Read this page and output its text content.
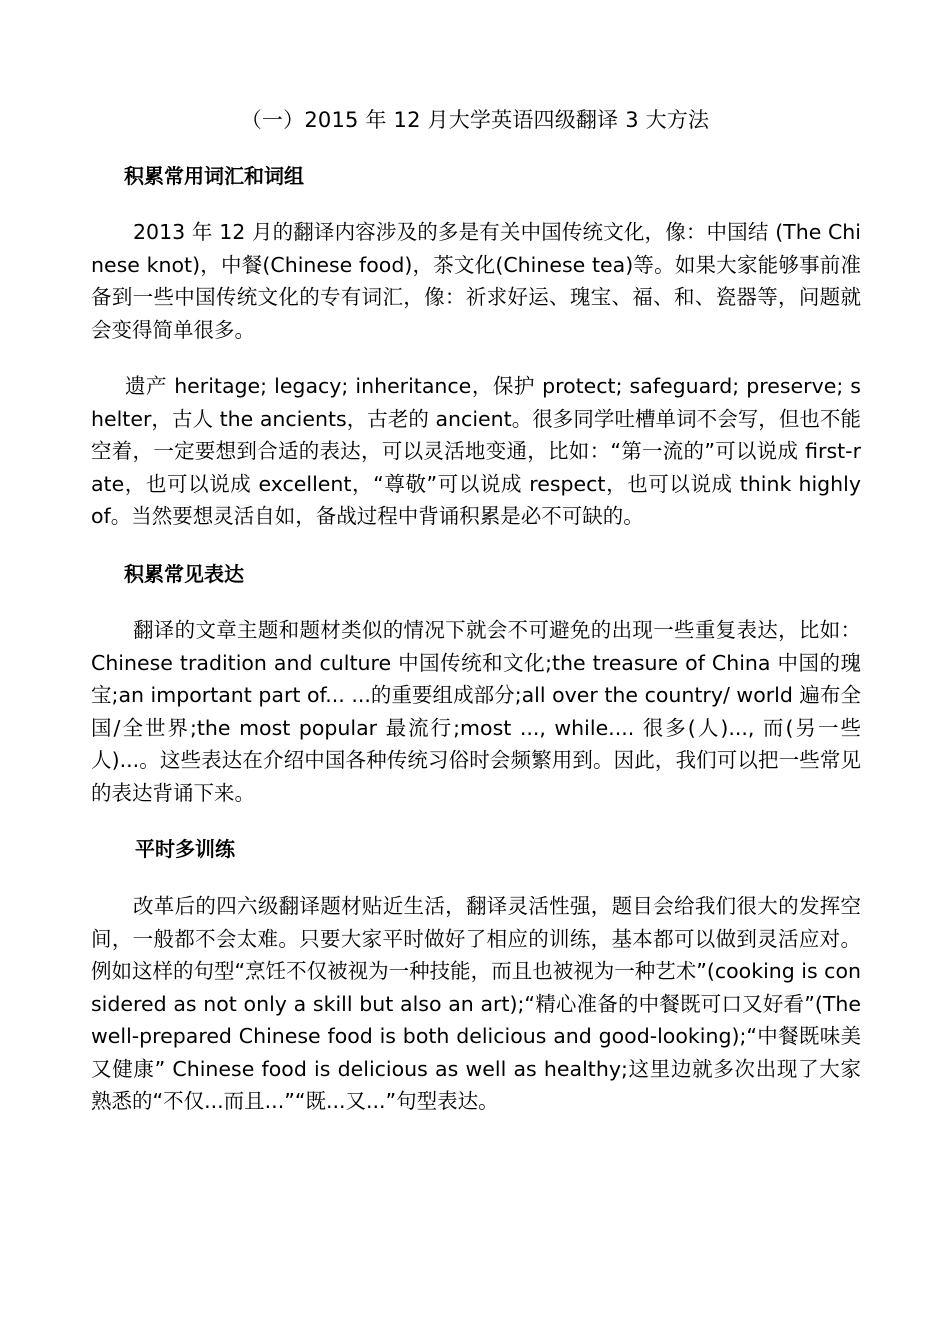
（一）2015 年 12 月大学英语四级翻译 3 大方法
积累常用词汇和词组
2013 年 12 月的翻译内容涉及的多是有关中国传统文化，像：中国结 (The Chinese knot)，中餐(Chinese food)，茶文化(Chinese tea)等。如果大家能够事前准备到一些中国传统文化的专有词汇，像：祈求好运、瑰宝、福、和、瓷器等，问题就会变得简单很多。
遗产 heritage; legacy; inheritance，保护 protect; safeguard; preserve; shelter，古人 the ancients，古老的 ancient。很多同学吐槽单词不会写，但也不能空着，一定要想到合适的表达，可以灵活地变通，比如：“第一流的”可以说成 first-rate，也可以说成 excellent，“尊敬”可以说成 respect，也可以说成 think highly of。当然要想灵活自如，备战过程中背诵积累是必不可缺的。
积累常见表达
翻译的文章主题和题材类似的情况下就会不可避免的出现一些重复表达，比如：Chinese tradition and culture 中国传统和文化;the treasure of China 中国的瑰宝;an important part of... ...的重要组成部分;all over the country/ world 遍布全国/全世界;the most popular 最流行;most ..., while.... 很多(人)..., 而(另一些人)...。这些表达在介绍中国各种传统习俗时会频繁用到。因此，我们可以把一些常见的表达背诵下来。
平时多训练
改革后的四六级翻译题材贴近生活，翻译灵活性强，题目会给我们很大的发挥空间，一般都不会太难。只要大家平时做好了相应的训练，基本都可以做到灵活应对。例如这样的句型“烹饪不仅被视为一种技能，而且也被视为一种艺术”(cooking is considered as not only a skill but also an art);“精心准备的中餐既可口又好看”(The well-prepared Chinese food is both delicious and good-looking);“中餐既味美又健康” Chinese food is delicious as well as healthy;这里边就多次出现了大家熟悉的“不仅...而且...”“既...又...”句型表达。
